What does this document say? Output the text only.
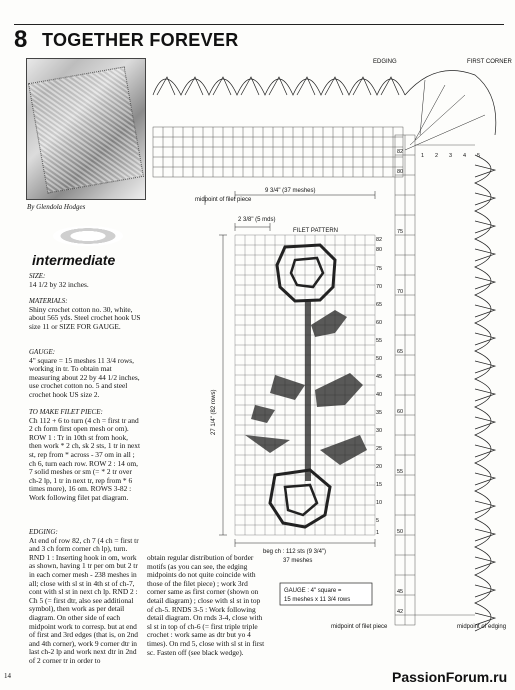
8 TOGETHER FOREVER
By Glendola Hodges
intermediate
SIZE:
14 1/2 by 32 inches.
MATERIALS:
Shiny crochet cotton no. 30, white, about 565 yds. Steel crochet hook US size 11 or SIZE FOR GAUGE.
GAUGE:
4" square = 15 meshes 11 3/4 rows, working in tr. To obtain mat measuring about 22 by 44 1/2 inches, use crochet cotton no. 5 and steel crochet hook US size 2.
TO MAKE FILET PIECE:
Ch 112 + 6 to turn (4 ch = first tr and 2 ch form first open mesh or om). ROW 1 : Tr in 10th st from hook, then work * 2 ch, sk 2 sts, 1 tr in next st, rep from * across - 37 om in all ; ch 6, turn each row. ROW 2 : 14 om, 7 solid meshes or sm (= * 2 tr over ch-2 lp, 1 tr in next tr, rep from * 6 times more), 16 om. ROWS 3-82 : Work following filet pat diagram.
EDGING:
At end of row 82, ch 7 (4 ch = first tr and 3 ch form corner ch lp), turn. RND 1 : Inserting hook in om, work as shown, having 1 tr per om but 2 tr in each corner mesh - 238 meshes in all; close with sl st in 4th st of ch-7, cont with sl st in next ch lp. RND 2 : Ch 5 (= first dtr, also see additional symbol), then work as per detail diagram. On other side of each midpoint work to corresp. but at end of first and 3rd edges (that is, on 2nd and 4th corner), work 9 corner dtr in last ch-2 lp and work next dtr in 2nd of 2 corner tr in order to
obtain regular distribution of border motifs (as you can see, the edging midpoints do not quite coincide with those of the filet piece) ; work 3rd corner same as first corner (shown on detail diagram) ; close with sl st in top of ch-5. RNDS 3-5 : Work following detail diagram. On rnds 3-4, close with sl st in top of ch-6 (= first triple triple crochet : work same as dtr but yo 4 times). On rnd 5, close with sl st in first sc. Fasten off (see black wedge).
14	PassionForum.ru
EDGING	FIRST CORNER
midpoint of filet piece
9 3/4" (37 meshes)
2 3/8" (5 mds)
FILET PATTERN
27 1/4" (82 rows)
beg ch : 112 sts (9 3/4")
37 meshes
GAUGE : 4" square =
15 meshes x 11 3/4 rows
midpoint of filet piece	midpoint of edging
1 2 3 4 5
82
80
75
70
65
60
55
50
45
42
82
80
75
70
65
60
55
50
45
40
35
30
25
20
15
10
5
1
